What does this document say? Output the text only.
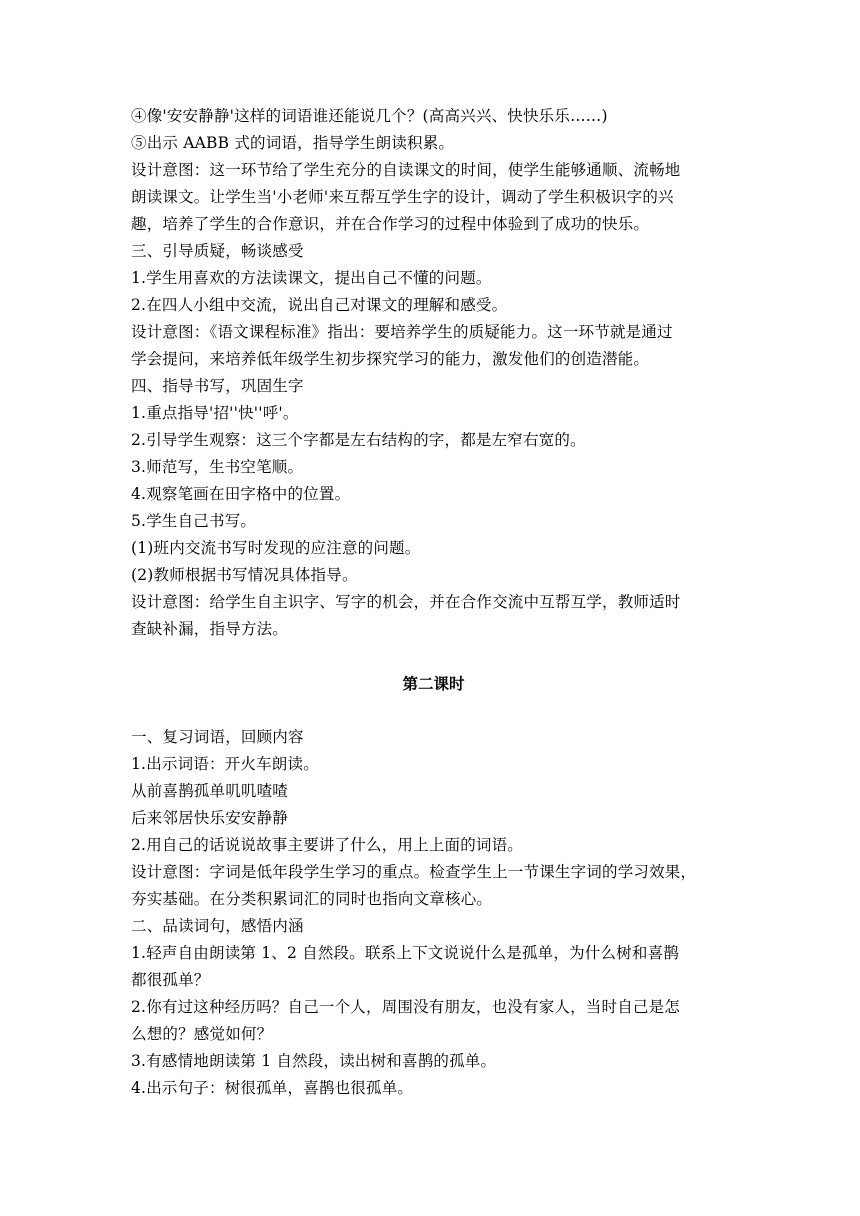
④像'安安静静'这样的词语谁还能说几个？(高高兴兴、快快乐乐……)
⑤出示 AABB 式的词语，指导学生朗读积累。
设计意图：这一环节给了学生充分的自读课文的时间，使学生能够通顺、流畅地
朗读课文。让学生当'小老师'来互帮互学生字的设计，调动了学生积极识字的兴
趣，培养了学生的合作意识，并在合作学习的过程中体验到了成功的快乐。
三、引导质疑，畅谈感受
1.学生用喜欢的方法读课文，提出自己不懂的问题。
2.在四人小组中交流，说出自己对课文的理解和感受。
设计意图：《语文课程标准》指出：要培养学生的质疑能力。这一环节就是通过
学会提问，来培养低年级学生初步探究学习的能力，激发他们的创造潜能。
四、指导书写，巩固生字
1.重点指导'招''快''呼'。
2.引导学生观察：这三个字都是左右结构的字，都是左窄右宽的。
3.师范写，生书空笔顺。
4.观察笔画在田字格中的位置。
5.学生自己书写。
(1)班内交流书写时发现的应注意的问题。
(2)教师根据书写情况具体指导。
设计意图：给学生自主识字、写字的机会，并在合作交流中互帮互学，教师适时
查缺补漏，指导方法。
第二课时
一、复习词语，回顾内容
1.出示词语：开火车朗读。
从前喜鹊孤单叽叽喳喳
后来邻居快乐安安静静
2.用自己的话说说故事主要讲了什么，用上上面的词语。
设计意图：字词是低年段学生学习的重点。检查学生上一节课生字词的学习效果，
夯实基础。在分类积累词汇的同时也指向文章核心。
二、品读词句，感悟内涵
1.轻声自由朗读第 1、2 自然段。联系上下文说说什么是孤单，为什么树和喜鹊
都很孤单？
2.你有过这种经历吗？自己一个人，周围没有朋友，也没有家人，当时自己是怎
么想的？感觉如何？
3.有感情地朗读第 1 自然段，读出树和喜鹊的孤单。
4.出示句子：树很孤单，喜鹊也很孤单。
